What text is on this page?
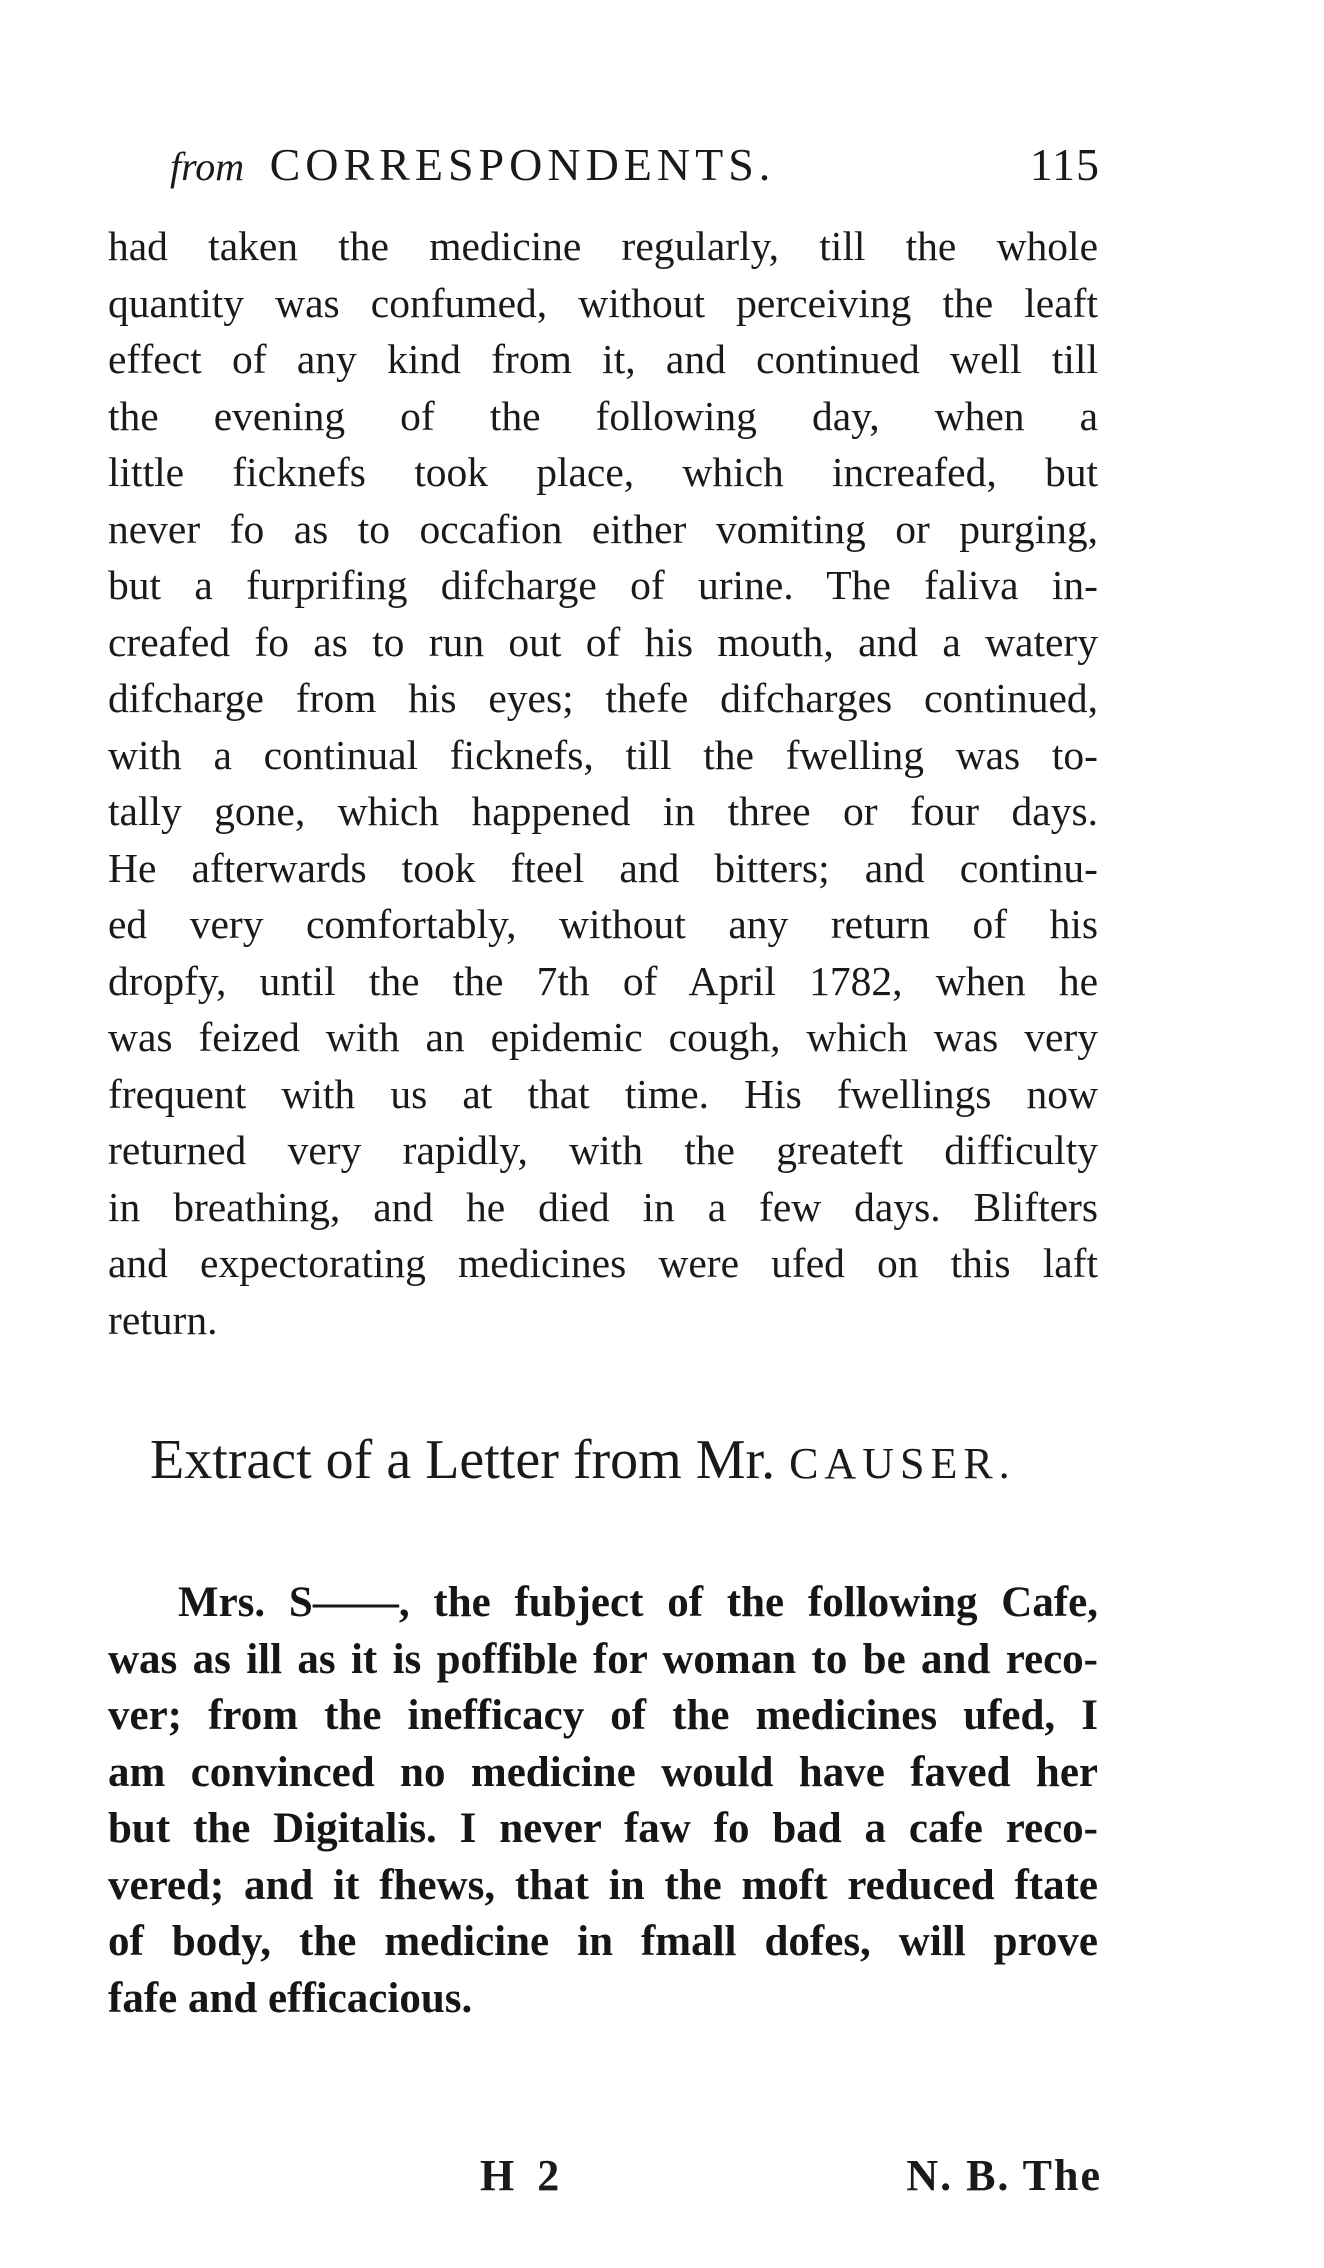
from CORRESPONDENTS.	115
had taken the medicine regularly, till the whole
quantity was confumed, without perceiving the leaft
effect of any kind from it, and continued well till
the evening of the following day, when a
little ficknefs took place, which increafed, but
never fo as to occafion either vomiting or purging,
but a furprifing difcharge of urine. The faliva in-
creafed fo as to run out of his mouth, and a watery
difcharge from his eyes; thefe difcharges continued,
with a continual ficknefs, till the fwelling was to-
tally gone, which happened in three or four days.
He afterwards took fteel and bitters; and continu-
ed very comfortably, without any return of his
dropfy, until the the 7th of April 1782, when he
was feized with an epidemic cough, which was very
frequent with us at that time. His fwellings now
returned very rapidly, with the greateft difficulty
in breathing, and he died in a few days. Blifters
and expectorating medicines were ufed on this laft
return.
Extract of a Letter from Mr. CAUSER.
Mrs. S——, the fubject of the following Cafe,
was as ill as it is poffible for woman to be and reco-
ver; from the inefficacy of the medicines ufed, I
am convinced no medicine would have faved her
but the Digitalis. I never faw fo bad a cafe reco-
vered; and it fhews, that in the moft reduced ftate
of body, the medicine in fmall dofes, will prove
fafe and efficacious.
H 2	N. B. The
